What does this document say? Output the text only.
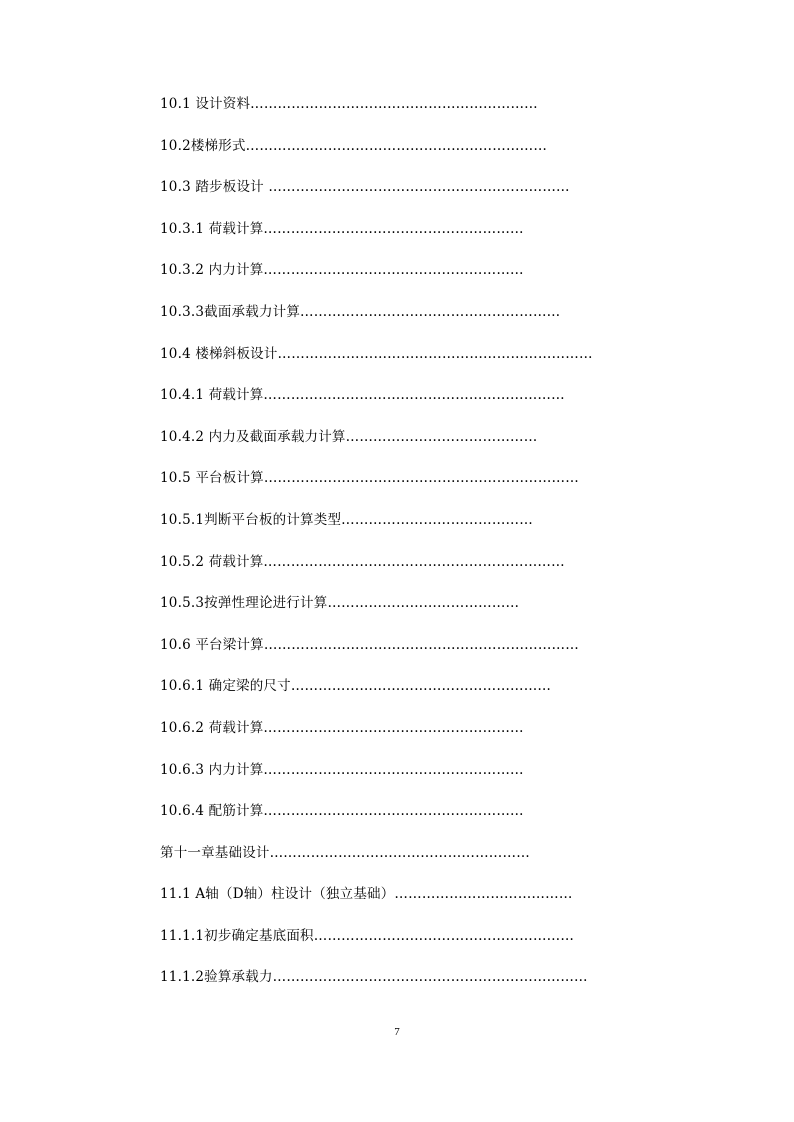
10.1 设计资料………………………………………………………
10.2楼梯形式…………………………………………………………
10.3 踏步板设计 …………………………………………………………
10.3.1 荷载计算…………………………………………………
10.3.2 内力计算…………………………………………………
10.3.3截面承载力计算…………………………………………………
10.4 楼梯斜板设计……………………………………………………………
10.4.1 荷载计算…………………………………………………………
10.4.2 内力及截面承载力计算……………………………………
10.5 平台板计算……………………………………………………………
10.5.1判断平台板的计算类型……………………………………
10.5.2 荷载计算…………………………………………………………
10.5.3按弹性理论进行计算……………………………………
10.6 平台梁计算……………………………………………………………
10.6.1 确定梁的尺寸…………………………………………………
10.6.2 荷载计算…………………………………………………
10.6.3 内力计算…………………………………………………
10.6.4 配筋计算…………………………………………………
第十一章基础设计…………………………………………………
11.1 A轴（D轴）柱设计（独立基础）…………………………………
11.1.1初步确定基底面积…………………………………………………
11.1.2验算承载力……………………………………………………………
7
